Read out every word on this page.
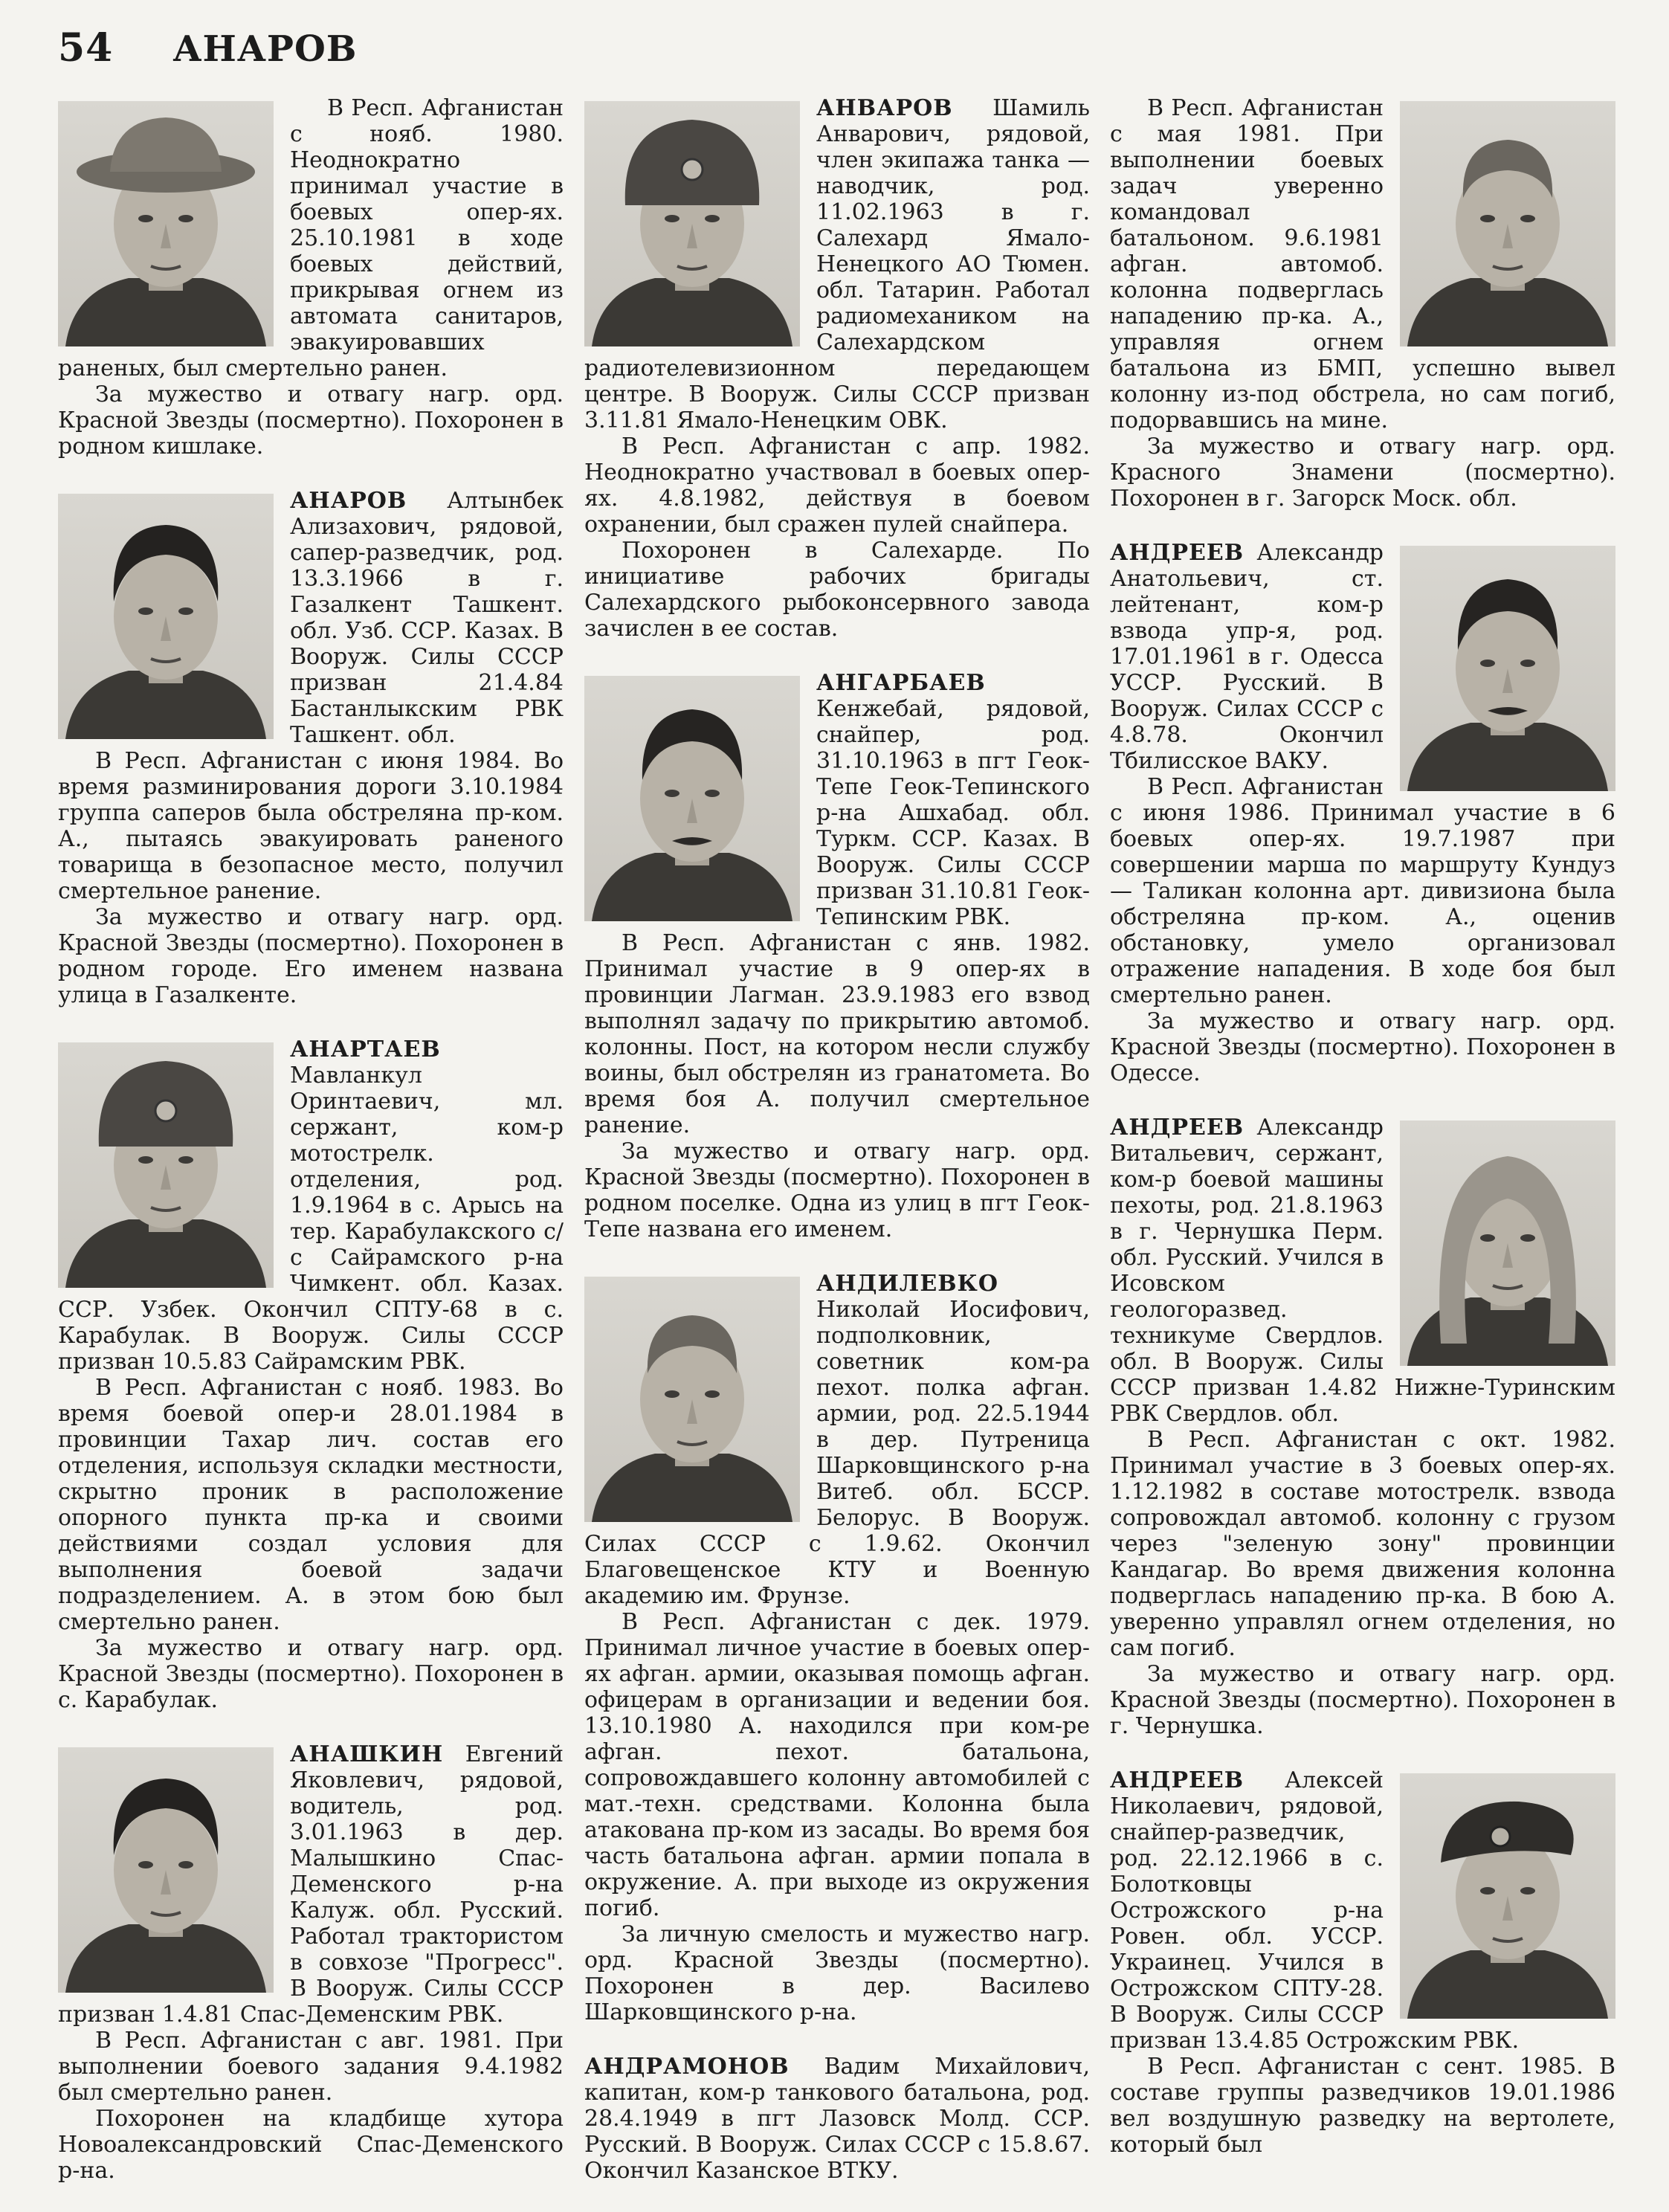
54 АНАРОВ

В Респ. Афганистан с нояб. 1980. Неоднократно принимал участие в боевых опер-ях. 25.10.1981 в ходе боевых действий, прикрывая огнем из автомата санитаров, эвакуировавших раненых, был смертельно ранен.

За мужество и отвагу нагр. орд. Красной Звезды (посмертно). Похоронен в родном кишлаке.

АНАРОВ Алтынбек Ализахович, рядовой, сапер-разведчик, род. 13.3.1966 в г. Газалкент Ташкент. обл. Узб. ССР. Казах. В Вооруж. Силы СССР призван 21.4.84 Бастанлыкским РВК Ташкент. обл.

В Респ. Афганистан с июня 1984. Во время разминирования дороги 3.10.1984 группа саперов была обстреляна пр-ком. А., пытаясь эвакуировать раненого товарища в безопасное место, получил смертельное ранение.

За мужество и отвагу нагр. орд. Красной Звезды (посмертно). Похоронен в родном городе. Его именем названа улица в Газалкенте.

АНАРТАЕВ Мавланкул Оринтаевич, мл. сержант, ком-р мотострелк. отделения, род. 1.9.1964 в с. Арысь на тер. Карабулакского с/с Сайрамского р-на Чимкент. обл. Казах. ССР. Узбек. Окончил СПТУ-68 в с. Карабулак. В Вооруж. Силы СССР призван 10.5.83 Сайрамским РВК.

В Респ. Афганистан с нояб. 1983. Во время боевой опер-и 28.01.1984 в провинции Тахар лич. состав его отделения, используя складки местности, скрытно проник в расположение опорного пункта пр-ка и своими действиями создал условия для выполнения боевой задачи подразделением. А. в этом бою был смертельно ранен.

За мужество и отвагу нагр. орд. Красной Звезды (посмертно). Похоронен в с. Карабулак.

АНАШКИН Евгений Яковлевич, рядовой, водитель, род. 3.01.1963 в дер. Малышкино Спас-Деменского р-на Калуж. обл. Русский. Работал трактористом в совхозе "Прогресс". В Вооруж. Силы СССР призван 1.4.81 Спас-Деменским РВК.

В Респ. Афганистан с авг. 1981. При выполнении боевого задания 9.4.1982 был смертельно ранен.

Похоронен на кладбище хутора Новоалександровский Спас-Деменского р-на.

АНВАРОВ Шамиль Анварович, рядовой, член экипажа танка — наводчик, род. 11.02.1963 в г. Салехард Ямало-Ненецкого АО Тюмен. обл. Татарин. Работал радиомехаником на Салехардском радиотелевизионном передающем центре. В Вооруж. Силы СССР призван 3.11.81 Ямало-Ненецким ОВК.

В Респ. Афганистан с апр. 1982. Неоднократно участвовал в боевых опер-ях. 4.8.1982, действуя в боевом охранении, был сражен пулей снайпера.

Похоронен в Салехарде. По инициативе рабочих бригады Салехардского рыбоконсервного завода зачислен в ее состав.

АНГАРБАЕВ Кенжебай, рядовой, снайпер, род. 31.10.1963 в пгт Геок-Тепе Геок-Тепинского р-на Ашхабад. обл. Туркм. ССР. Казах. В Вооруж. Силы СССР призван 31.10.81 Геок-Тепинским РВК.

В Респ. Афганистан с янв. 1982. Принимал участие в 9 опер-ях в провинции Лагман. 23.9.1983 его взвод выполнял задачу по прикрытию автомоб. колонны. Пост, на котором несли службу воины, был обстрелян из гранатомета. Во время боя А. получил смертельное ранение.

За мужество и отвагу нагр. орд. Красной Звезды (посмертно). Похоронен в родном поселке. Одна из улиц в пгт Геок-Тепе названа его именем.

АНДИЛЕВКО Николай Иосифович, подполковник, советник ком-ра пехот. полка афган. армии, род. 22.5.1944 в дер. Путреница Шарковщинского р-на Витеб. обл. БССР. Белорус. В Вооруж. Силах СССР с 1.9.62. Окончил Благовещенское КТУ и Военную академию им. Фрунзе.

В Респ. Афганистан с дек. 1979. Принимал личное участие в боевых опер-ях афган. армии, оказывая помощь афган. офицерам в организации и ведении боя. 13.10.1980 А. находился при ком-ре афган. пехот. батальона, сопровождавшего колонну автомобилей с мат.-техн. средствами. Колонна была атакована пр-ком из засады. Во время боя часть батальона афган. армии попала в окружение. А. при выходе из окружения погиб.

За личную смелость и мужество нагр. орд. Красной Звезды (посмертно). Похоронен в дер. Василево Шарковщинского р-на.

АНДРАМОНОВ Вадим Михайлович, капитан, ком-р танкового батальона, род. 28.4.1949 в пгт Лазовск Молд. ССР. Русский. В Вооруж. Силах СССР с 15.8.67. Окончил Казанское ВТКУ.

В Респ. Афганистан с мая 1981. При выполнении боевых задач уверенно командовал батальоном. 9.6.1981 афган. автомоб. колонна подверглась нападению пр-ка. А., управляя огнем батальона из БМП, успешно вывел колонну из-под обстрела, но сам погиб, подорвавшись на мине.

За мужество и отвагу нагр. орд. Красного Знамени (посмертно). Похоронен в г. Загорск Моск. обл.

АНДРЕЕВ Александр Анатольевич, ст. лейтенант, ком-р взвода упр-я, род. 17.01.1961 в г. Одесса УССР. Русский. В Вооруж. Силах СССР с 4.8.78. Окончил Тбилисское ВАКУ.

В Респ. Афганистан с июня 1986. Принимал участие в 6 боевых опер-ях. 19.7.1987 при совершении марша по маршруту Кундуз — Таликан колонна арт. дивизиона была обстреляна пр-ком. А., оценив обстановку, умело организовал отражение нападения. В ходе боя был смертельно ранен.

За мужество и отвагу нагр. орд. Красной Звезды (посмертно). Похоронен в Одессе.

АНДРЕЕВ Александр Витальевич, сержант, ком-р боевой машины пехоты, род. 21.8.1963 в г. Чернушка Перм. обл. Русский. Учился в Исовском геологоразвед. техникуме Свердлов. обл. В Вооруж. Силы СССР призван 1.4.82 Нижне-Туринским РВК Свердлов. обл.

В Респ. Афганистан с окт. 1982. Принимал участие в 3 боевых опер-ях. 1.12.1982 в составе мотострелк. взвода сопровождал автомоб. колонну с грузом через "зеленую зону" провинции Кандагар. Во время движения колонна подверглась нападению пр-ка. В бою А. уверенно управлял огнем отделения, но сам погиб.

За мужество и отвагу нагр. орд. Красной Звезды (посмертно). Похоронен в г. Чернушка.

АНДРЕЕВ Алексей Николаевич, рядовой, снайпер-разведчик, род. 22.12.1966 в с. Болотковцы Острожского р-на Ровен. обл. УССР. Украинец. Учился в Острожском СПТУ-28. В Вооруж. Силы СССР призван 13.4.85 Острожским РВК.

В Респ. Афганистан с сент. 1985. В составе группы разведчиков 19.01.1986 вел воздушную разведку на вертолете, который был
